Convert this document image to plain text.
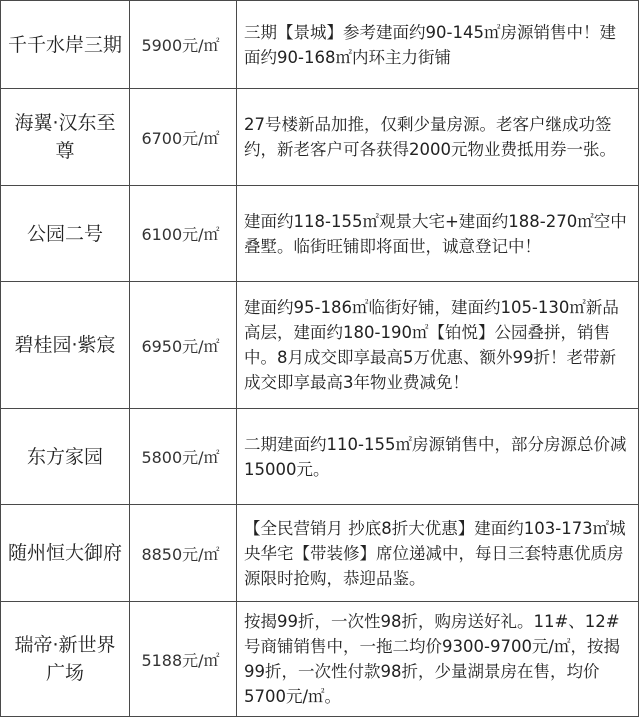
千千水岸三期	5900元/㎡		三期【景城】参考建面约90-145㎡房源销售中！建面约90-168㎡内环主力街铺
海翼·汉东至尊	6700元/㎡		27号楼新品加推，仅剩少量房源。老客户继成功签约，新老客户可各获得2000元物业费抵用券一张。
公园二号	6100元/㎡		建面约118-155㎡观景大宅+建面约188-270㎡空中叠墅。临街旺铺即将面世，诚意登记中！
碧桂园·紫宸	6950元/㎡		建面约95-186㎡临街好铺，建面约105-130㎡新品高层，建面约180-190㎡【铂悦】公园叠拼，销售中。8月成交即享最高5万优惠、额外99折！老带新成交即享最高3年物业费减免！
东方家园	5800元/㎡		二期建面约110-155㎡房源销售中，部分房源总价减15000元。
随州恒大御府	8850元/㎡		【全民营销月 抄底8折大优惠】建面约103-173㎡城央华宅【带装修】席位递减中，每日三套特惠优质房源限时抢购，恭迎品鉴。
瑞帝·新世界广场	5188元/㎡		按揭99折，一次性98折，购房送好礼。11#、12#号商铺销售中，一拖二均价9300-9700元/㎡，按揭99折，一次性付款98折，少量湖景房在售，均价5700元/㎡。
